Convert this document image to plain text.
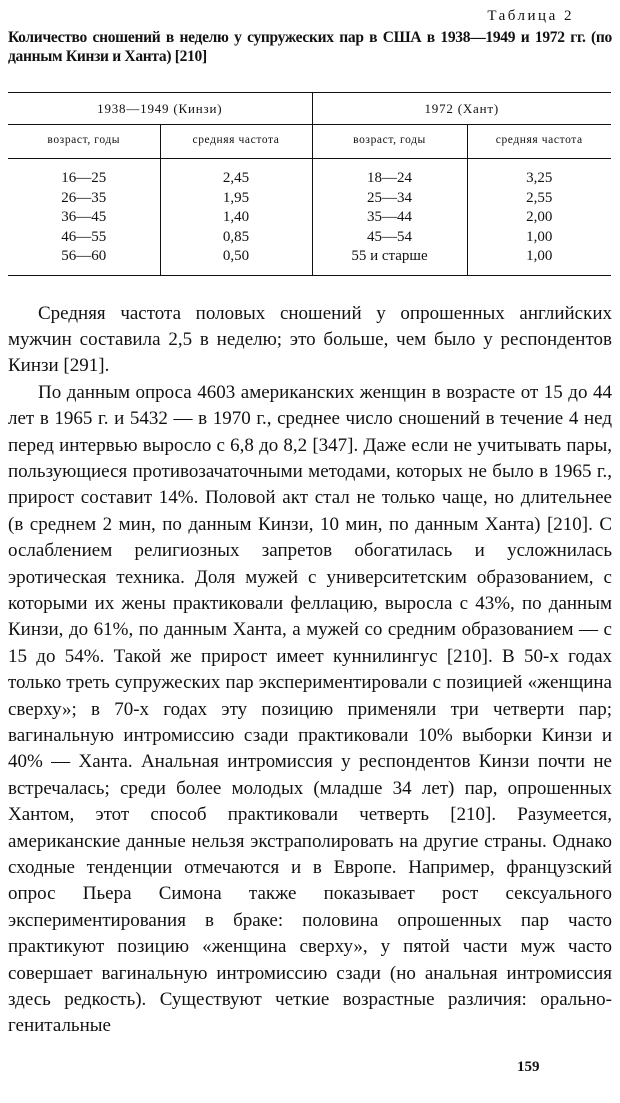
Таблица 2
Количество сношений в неделю у супружеских пар в США в 1938—1949 и 1972 гг. (по данным Кинзи и Ханта) [210]
1938—1949 (Кинзи)		1972 (Хант)	
возраст, годы	средняя частота	возраст, годы	средняя частота
16—25	2,45	18—24	3,25
26—35	1,95	25—34	2,55
36—45	1,40	35—44	2,00
46—55	0,85	45—54	1,00
56—60	0,50	55 и старше	1,00

Средняя частота половых сношений у опрошенных английских мужчин составила 2,5 в неделю; это больше, чем было у респондентов Кинзи [291].

По данным опроса 4603 американских женщин в возрасте от 15 до 44 лет в 1965 г. и 5432 — в 1970 г., среднее число сношений в течение 4 нед перед интервью выросло с 6,8 до 8,2 [347]. Даже если не учитывать пары, пользующиеся противозачаточными методами, которых не было в 1965 г., прирост составит 14%. Половой акт стал не только чаще, но длительнее (в среднем 2 мин, по данным Кинзи, 10 мин, по данным Ханта) [210]. С ослаблением религиозных запретов обогатилась и усложнилась эротическая техника. Доля мужей с университетским образованием, с которыми их жены практиковали феллацию, выросла с 43%, по данным Кинзи, до 61%, по данным Ханта, а мужей со средним образованием — с 15 до 54%. Такой же прирост имеет куннилингус [210]. В 50-х годах только треть супружеских пар экспериментировали с позицией «женщина сверху»; в 70-х годах эту позицию применяли три четверти пар; вагинальную интромиссию сзади практиковали 10% выборки Кинзи и 40% — Ханта. Анальная интромиссия у респондентов Кинзи почти не встречалась; среди более молодых (младше 34 лет) пар, опрошенных Хантом, этот способ практиковали четверть [210]. Разумеется, американские данные нельзя экстраполировать на другие страны. Однако сходные тенденции отмечаются и в Европе. Например, французский опрос Пьера Симона также показывает рост сексуального экспериментирования в браке: половина опрошенных пар часто практикуют позицию «женщина сверху», у пятой части муж часто совершает вагинальную интромиссию сзади (но анальная интромиссия здесь редкость). Существуют четкие возрастные различия: орально-генитальные

159
